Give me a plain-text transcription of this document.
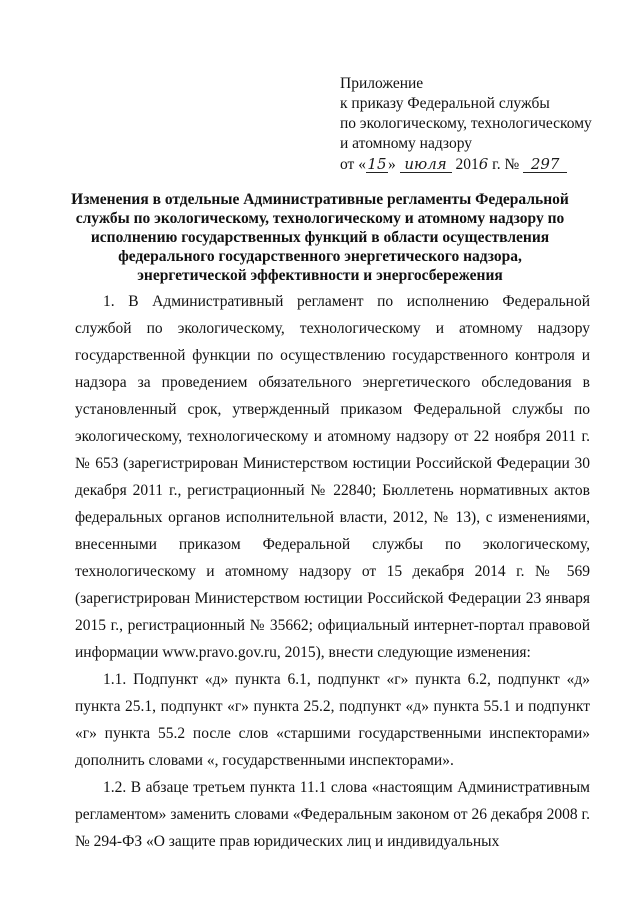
Приложение
к приказу Федеральной службы
по экологическому, технологическому
и атомному надзору
от «15» июля 2016 г. № 297
Изменения в отдельные Административные регламенты Федеральной службы по экологическому, технологическому и атомному надзору по исполнению государственных функций в области осуществления федерального государственного энергетического надзора, энергетической эффективности и энергосбережения

1. В Административный регламент по исполнению Федеральной службой по экологическому, технологическому и атомному надзору государственной функции по осуществлению государственного контроля и надзора за проведением обязательного энергетического обследования в установленный срок, утвержденный приказом Федеральной службы по экологическому, технологическому и атомному надзору от 22 ноября 2011 г. № 653 (зарегистрирован Министерством юстиции Российской Федерации 30 декабря 2011 г., регистрационный № 22840; Бюллетень нормативных актов федеральных органов исполнительной власти, 2012, № 13), с изменениями, внесенными приказом Федеральной службы по экологическому, технологическому и атомному надзору от 15 декабря 2014 г. № 569 (зарегистрирован Министерством юстиции Российской Федерации 23 января 2015 г., регистрационный № 35662; официальный интернет-портал правовой информации www.pravo.gov.ru, 2015), внести следующие изменения:

1.1. Подпункт «д» пункта 6.1, подпункт «г» пункта 6.2, подпункт «д» пункта 25.1, подпункт «г» пункта 25.2, подпункт «д» пункта 55.1 и подпункт «г» пункта 55.2 после слов «старшими государственными инспекторами» дополнить словами «, государственными инспекторами».

1.2. В абзаце третьем пункта 11.1 слова «настоящим Административным регламентом» заменить словами «Федеральным законом от 26 декабря 2008 г. № 294-ФЗ «О защите прав юридических лиц и индивидуальных
